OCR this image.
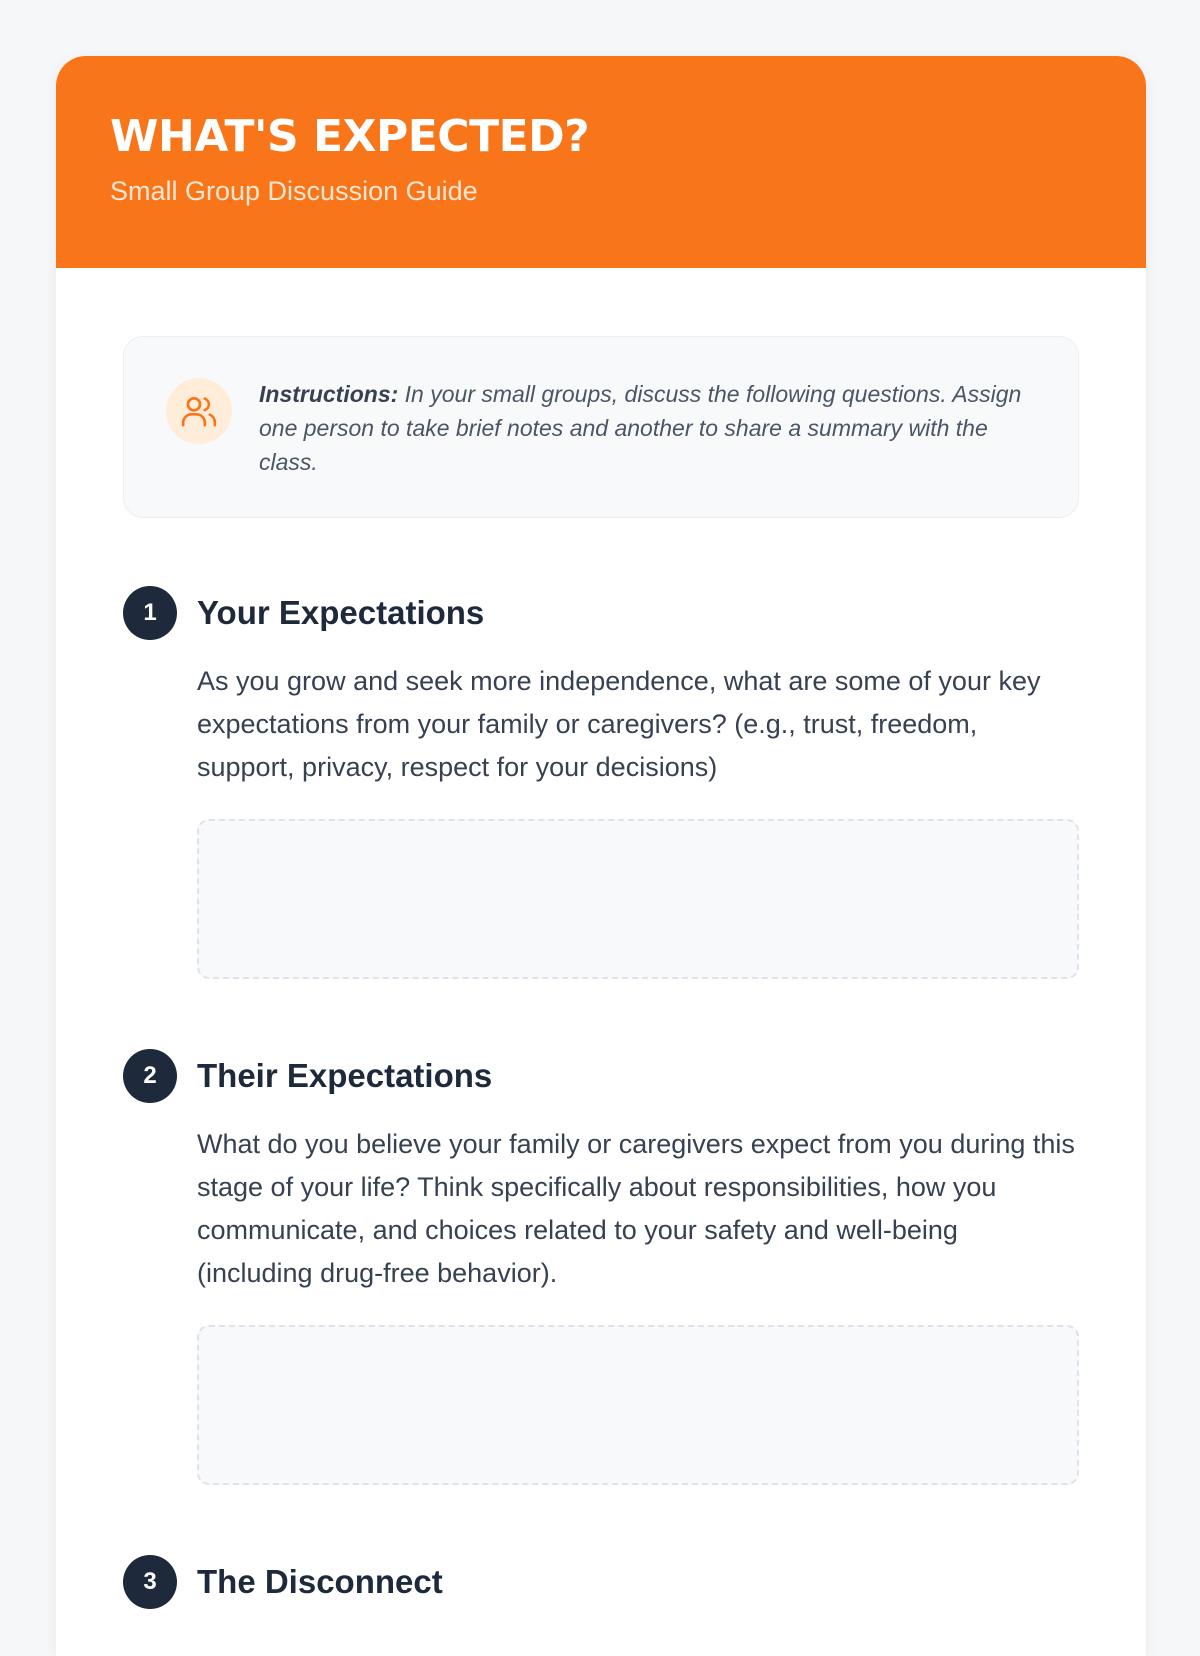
WHAT'S EXPECTED?
Small Group Discussion Guide

Instructions: In your small groups, discuss the following questions. Assign one person to take brief notes and another to share a summary with the class.

1	Your Expectations
As you grow and seek more independence, what are some of your key expectations from your family or caregivers? (e.g., trust, freedom, support, privacy, respect for your decisions)
2	Their Expectations
What do you believe your family or caregivers expect from you during this stage of your life? Think specifically about responsibilities, how you communicate, and choices related to your safety and well-being (including drug-free behavior).
3	The Disconnect
